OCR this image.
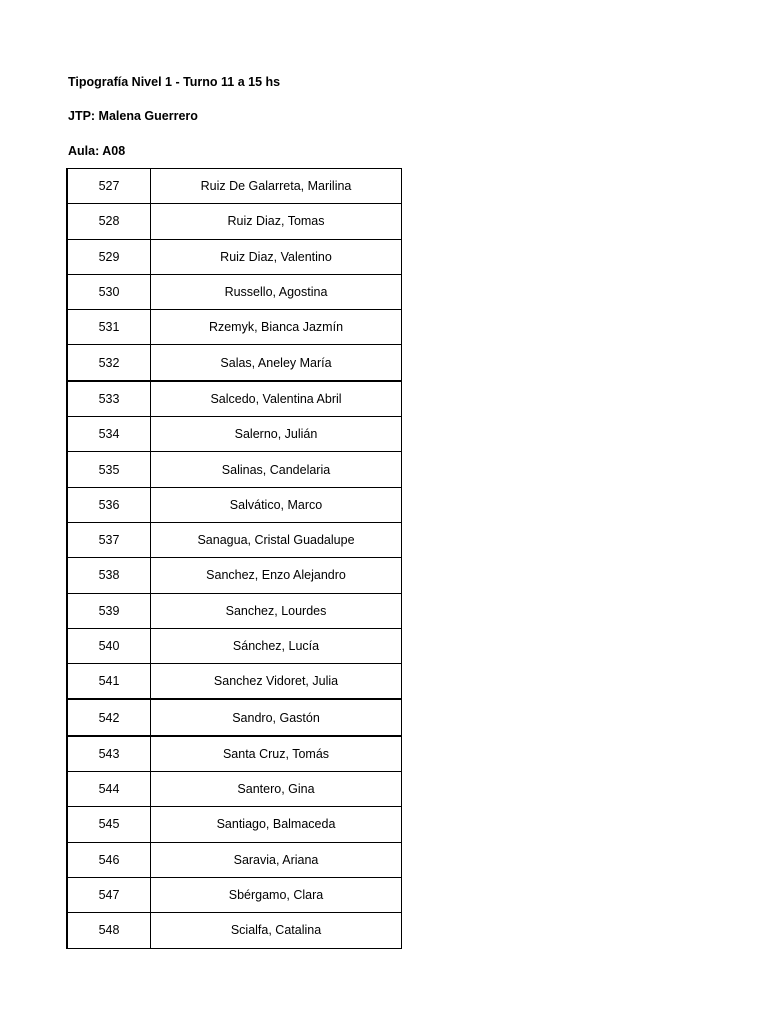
Tipografía Nivel 1 - Turno 11 a 15 hs
JTP: Malena Guerrero
Aula: A08
527	Ruiz De Galarreta, Marilina
528	Ruiz Diaz, Tomas
529	Ruiz Diaz, Valentino
530	Russello, Agostina
531	Rzemyk, Bianca Jazmín
532	Salas, Aneley María
533	Salcedo, Valentina Abril
534	Salerno, Julián
535	Salinas, Candelaria
536	Salvático, Marco
537	Sanagua, Cristal Guadalupe
538	Sanchez, Enzo Alejandro
539	Sanchez, Lourdes
540	Sánchez, Lucía
541	Sanchez Vidoret, Julia
542	Sandro, Gastón
543	Santa Cruz, Tomás
544	Santero, Gina
545	Santiago, Balmaceda
546	Saravia, Ariana
547	Sbérgamo, Clara
548	Scialfa, Catalina
